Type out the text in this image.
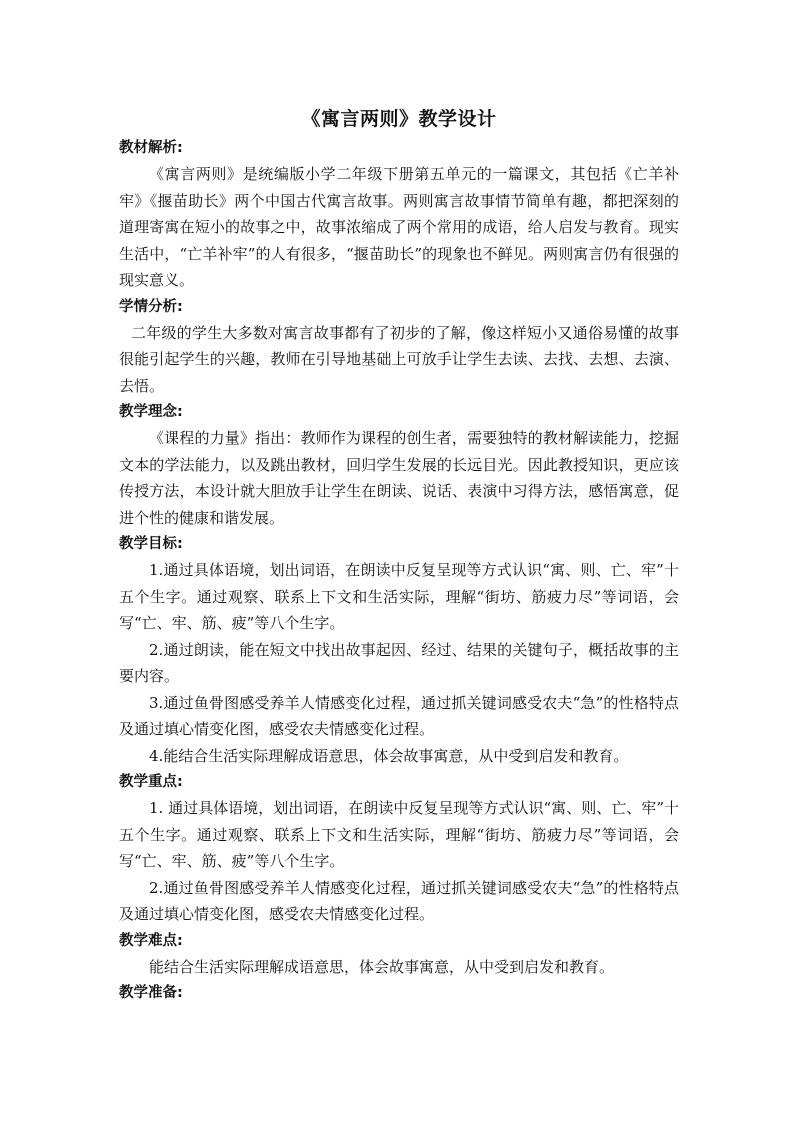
《寓言两则》教学设计

教材解析:

《寓言两则》是统编版小学二年级下册第五单元的一篇课文，其包括《亡羊补牢》《揠苗助长》两个中国古代寓言故事。两则寓言故事情节简单有趣，都把深刻的道理寄寓在短小的故事之中，故事浓缩成了两个常用的成语，给人启发与教育。现实生活中，“亡羊补牢”的人有很多，“揠苗助长”的现象也不鲜见。两则寓言仍有很强的现实意义。

学情分析:

二年级的学生大多数对寓言故事都有了初步的了解，像这样短小又通俗易懂的故事很能引起学生的兴趣，教师在引导地基础上可放手让学生去读、去找、去想、去演、去悟。

教学理念:

《课程的力量》指出：教师作为课程的创生者，需要独特的教材解读能力，挖掘文本的学法能力，以及跳出教材，回归学生发展的长远目光。因此教授知识，更应该传授方法，本设计就大胆放手让学生在朗读、说话、表演中习得方法，感悟寓意，促进个性的健康和谐发展。

教学目标:

1.通过具体语境，划出词语，在朗读中反复呈现等方式认识“寓、则、亡、牢”十五个生字。通过观察、联系上下文和生活实际，理解“街坊、筋疲力尽”等词语，会写“亡、牢、筋、疲”等八个生字。

2.通过朗读，能在短文中找出故事起因、经过、结果的关键句子，概括故事的主要内容。

3.通过鱼骨图感受养羊人情感变化过程，通过抓关键词感受农夫“急”的性格特点及通过填心情变化图，感受农夫情感变化过程。

4.能结合生活实际理解成语意思，体会故事寓意，从中受到启发和教育。

教学重点:

1. 通过具体语境，划出词语，在朗读中反复呈现等方式认识“寓、则、亡、牢”十五个生字。通过观察、联系上下文和生活实际，理解“街坊、筋疲力尽”等词语，会写“亡、牢、筋、疲”等八个生字。

2.通过鱼骨图感受养羊人情感变化过程，通过抓关键词感受农夫“急”的性格特点及通过填心情变化图，感受农夫情感变化过程。

教学难点:

能结合生活实际理解成语意思，体会故事寓意，从中受到启发和教育。

教学准备:
